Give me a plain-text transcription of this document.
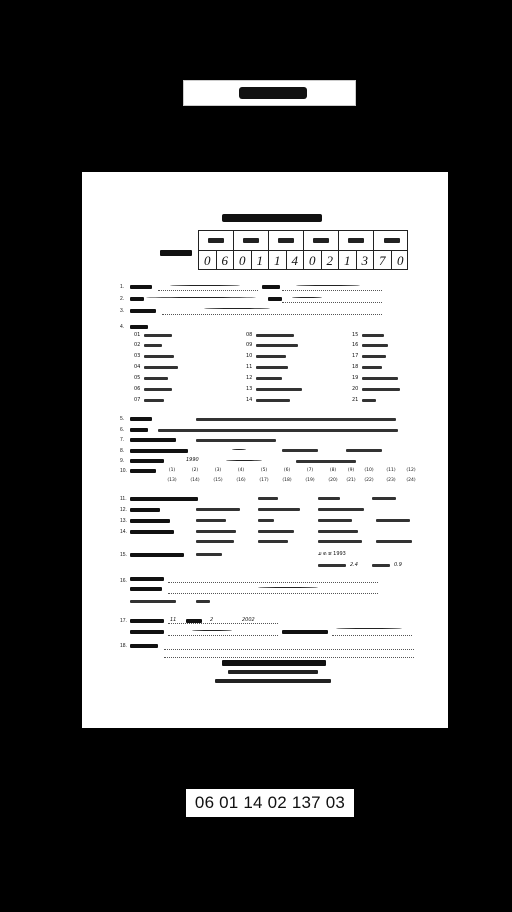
0 6 0 1 1 4 0 2 1 3 7 0
1.
2.
3.
4.
01
02
03
04
05
06
07
08
09
10
11
12
13
14
15
16
17
18
19
20
21
5.
6.
7.
8.
9.	1990
10.	(1)	(2)	(3)	(4)	(5)	(6)	(7)	(8)	(9)	(10)	(11)	(12)
(13)	(14)	(15)	(16)	(17)	(18)	(19)	(20)	(21)	(22)	(23)	(24)
11.
12.
13.
14.
15.	ມ ຄ ຮ 1993
2.4	0.9
16.
17.	11	2	2002
18.
06 01 14 02 137 03
